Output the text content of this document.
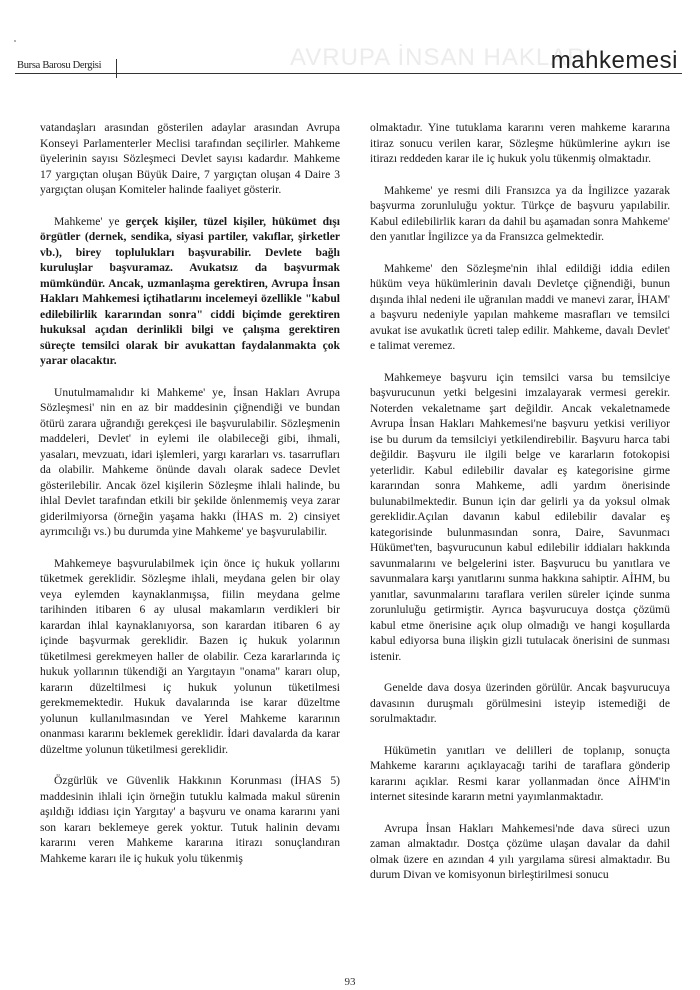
Bursa Barosu Dergisi	AVRUPA İNSAN HAKLARI
mahkemesi

vatandaşları arasından gösterilen adaylar arasından Avrupa Konseyi Parlamenterler Meclisi tarafından seçilirler. Mahkeme üyelerinin sayısı Sözleşmeci Devlet sayısı kadardır. Mahkeme 17 yargıçtan oluşan Büyük Daire, 7 yargıçtan oluşan 4 Daire 3 yargıçtan oluşan Komiteler halinde faaliyet gösterir.

Mahkeme' ye gerçek kişiler, tüzel kişiler, hükümet dışı örgütler (dernek, sendika, siyasi partiler, vakıflar, şirketler vb.), birey toplulukları başvurabilir. Devlete bağlı kuruluşlar başvuramaz. Avukatsız da başvurmak mümkündür. Ancak, uzmanlaşma gerektiren, Avrupa İnsan Hakları Mahkemesi içtihatlarını incelemeyi özellikle "kabul edilebilirlik kararından sonra" ciddi biçimde gerektiren hukuksal açıdan derinlikli bilgi ve çalışma gerektiren süreçte temsilci olarak bir avukattan faydalanmakta çok yarar olacaktır.

Unutulmamalıdır ki Mahkeme' ye, İnsan Hakları Avrupa Sözleşmesi' nin en az bir maddesinin çiğnendiği ve bundan ötürü zarara uğrandığı gerekçesi ile başvurulabilir. Sözleşmenin maddeleri, Devlet' in eylemi ile olabileceği gibi, ihmali, yasaları, mevzuatı, idari işlemleri, yargı kararları vs. tasarrufları da olabilir. Mahkeme önünde davalı olarak sadece Devlet gösterilebilir. Ancak özel kişilerin Sözleşme ihlali halinde, bu ihlal Devlet tarafından etkili bir şekilde önlenmemiş veya zarar giderilmiyorsa (örneğin yaşama hakkı (İHAS m. 2) cinsiyet ayrımcılığı vs.) bu durumda yine Mahkeme' ye başvurulabilir.

Mahkemeye başvurulabilmek için önce iç hukuk yollarını tüketmek gereklidir. Sözleşme ihlali, meydana gelen bir olay veya eylemden kaynaklanmışsa, fiilin meydana gelme tarihinden itibaren 6 ay ulusal makamların verdikleri bir karardan ihlal kaynaklanıyorsa, son karardan itibaren 6 ay içinde başvurmak gereklidir. Bazen iç hukuk yolarının tüketilmesi gerekmeyen haller de olabilir. Ceza kararlarında iç hukuk yollarının tükendiği an Yargıtayın "onama" kararı olup, kararın düzeltilmesi iç hukuk yolunun tüketilmesi gerekmemektedir. Hukuk davalarında ise karar düzeltme yolunun kullanılmasından ve Yerel Mahkeme kararının onanması kararını beklemek gereklidir. İdari davalarda da karar düzeltme yolunun tüketilmesi gereklidir.

Özgürlük ve Güvenlik Hakkının Korunması (İHAS 5) maddesinin ihlali için örneğin tutuklu kalmada makul sürenin aşıldığı iddiası için Yargıtay' a başvuru ve onama kararını yani son kararı beklemeye gerek yoktur. Tutuk halinin devamı kararını veren Mahkeme kararına itirazı sonuçlandıran Mahkeme kararı ile iç hukuk yolu tükenmiş

olmaktadır. Yine tutuklama kararını veren mahkeme kararına itiraz sonucu verilen karar, Sözleşme hükümlerine aykırı ise itirazı reddeden karar ile iç hukuk yolu tükenmiş olmaktadır.

Mahkeme' ye resmi dili Fransızca ya da İngilizce yazarak başvurma zorunluluğu yoktur. Türkçe de başvuru yapılabilir. Kabul edilebilirlik kararı da dahil bu aşamadan sonra Mahkeme' den yanıtlar İngilizce ya da Fransızca gelmektedir.

Mahkeme' den Sözleşme'nin ihlal edildiği iddia edilen hüküm veya hükümlerinin davalı Devletçe çiğnendiği, bunun dışında ihlal nedeni ile uğranılan maddi ve manevi zarar, İHAM' a başvuru nedeniyle yapılan mahkeme masrafları ve temsilci avukat ise avukatlık ücreti talep edilir. Mahkeme, davalı Devlet' e talimat veremez.

Mahkemeye başvuru için temsilci varsa bu temsilciye başvurucunun yetki belgesini imzalayarak vermesi gerekir. Noterden vekaletname şart değildir. Ancak vekaletnamede Avrupa İnsan Hakları Mahkemesi'ne başvuru yetkisi veriliyor ise bu durum da temsilciyi yetkilendirebilir. Başvuru harca tabi değildir. Başvuru ile ilgili belge ve kararların fotokopisi yeterlidir. Kabul edilebilir davalar eş kategorisine girme kararından sonra Mahkeme, adli yardım önerisinde bulunabilmektedir. Bunun için dar gelirli ya da yoksul olmak gereklidir.Açılan davanın kabul edilebilir davalar eş kategorisinde bulunmasından sonra, Daire, Savunmacı Hükümet'ten, başvurucunun kabul edilebilir iddiaları hakkında savunmalarını ve belgelerini ister. Başvurucu bu yanıtlara ve savunmalara karşı yanıtlarını sunma hakkına sahiptir. AİHM, bu yanıtlar, savunmalarını taraflara verilen süreler içinde sunma zorunluluğu getirmiştir. Ayrıca başvurucuya dostça çözümü kabul etme önerisine açık olup olmadığı ve hangi koşullarda kabul ediyorsa buna ilişkin gizli tutulacak önerisini de sunması istenir.

Genelde dava dosya üzerinden görülür. Ancak başvurucuya davasının duruşmalı görülmesini isteyip istemediği de sorulmaktadır.

Hükümetin yanıtları ve delilleri de toplanıp, sonuçta Mahkeme kararını açıklayacağı tarihi de taraflara gönderip kararını açıklar. Resmi karar yollanmadan önce AİHM'in internet sitesinde kararın metni yayımlanmaktadır.

Avrupa İnsan Hakları Mahkemesi'nde dava süreci uzun zaman almaktadır. Dostça çözüme ulaşan davalar da dahil olmak üzere en azından 4 yılı yargılama süresi almaktadır. Bu durum Divan ve komisyonun birleştirilmesi sonucu

93
